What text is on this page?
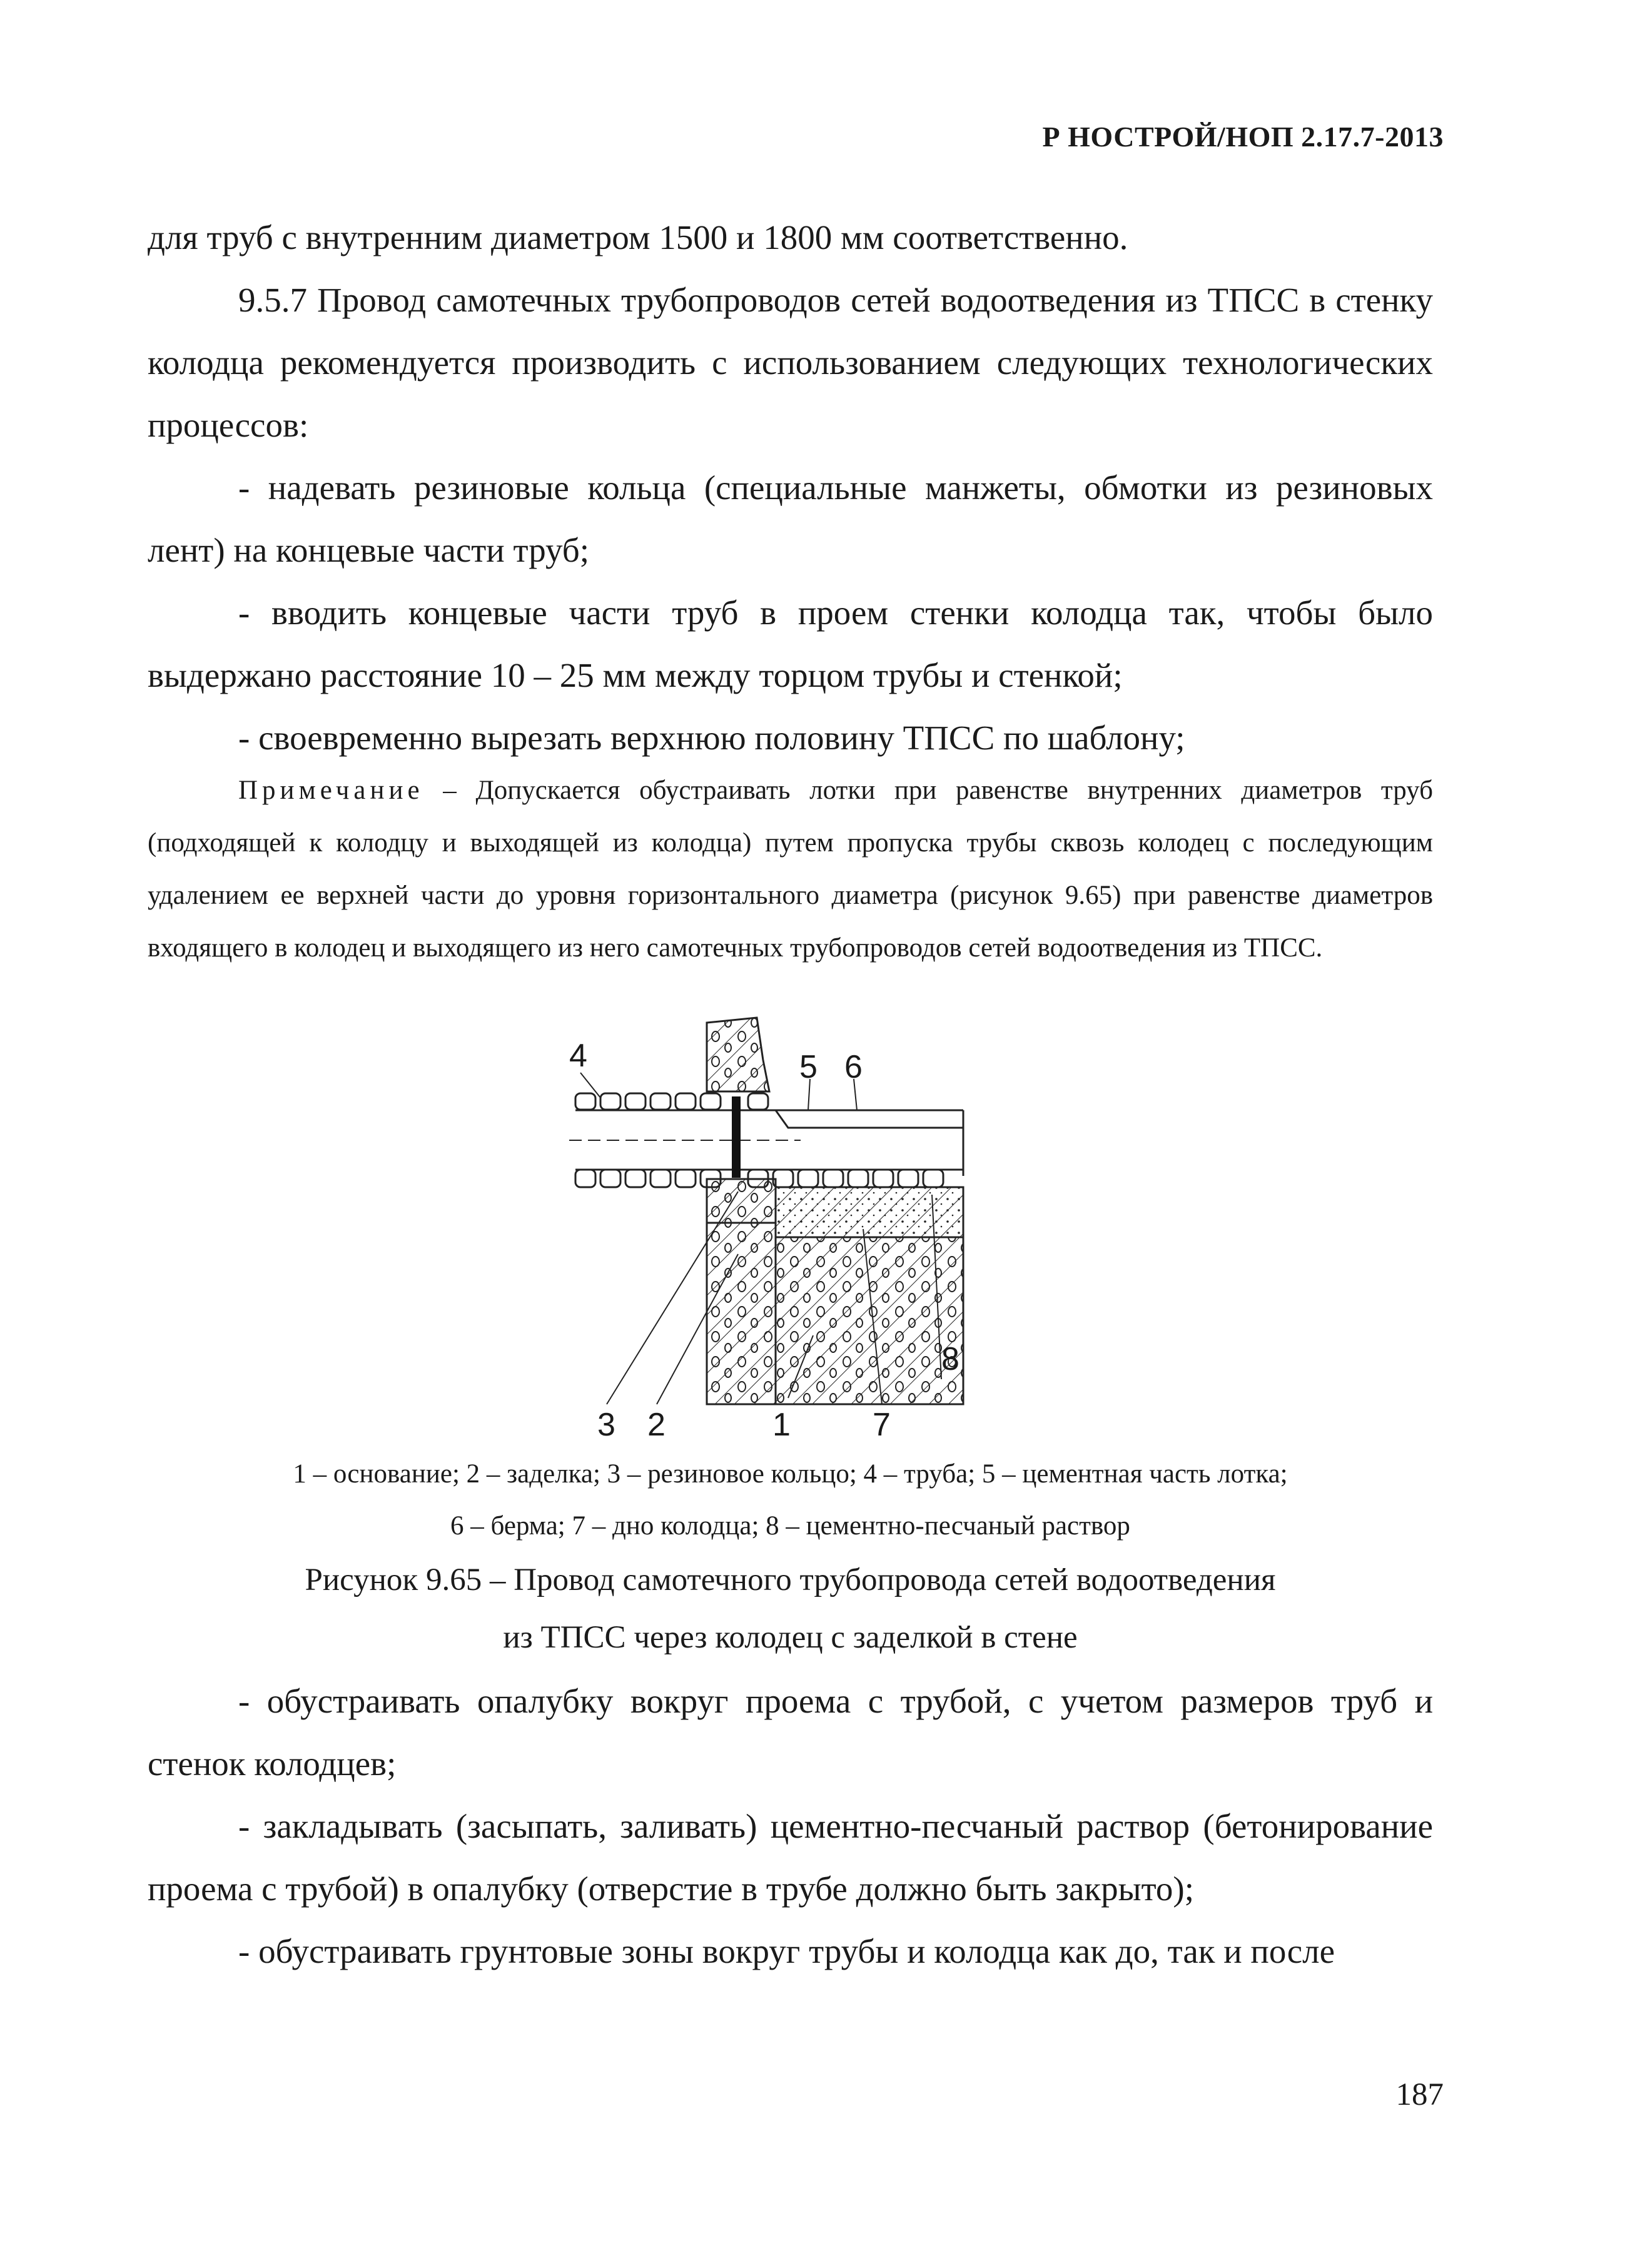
Р НОСТРОЙ/НОП 2.17.7-2013
для труб с внутренним диаметром 1500 и 1800 мм соответственно.
9.5.7 Провод самотечных трубопроводов сетей водоотведения из ТПСС в стенку колодца рекомендуется производить с использованием следующих технологических процессов:
- надевать резиновые кольца (специальные манжеты, обмотки из резиновых лент) на концевые части труб;
- вводить концевые части труб в проем стенки колодца так, чтобы было выдержано расстояние 10 – 25 мм между торцом трубы и стенкой;
- своевременно вырезать верхнюю половину ТПСС по шаблону;
Примечание – Допускается обустраивать лотки при равенстве внутренних диаметров труб (подходящей к колодцу и выходящей из колодца) путем пропуска трубы сквозь колодец с последующим удалением ее верхней части до уровня горизонтального диаметра (рисунок 9.65) при равенстве диаметров входящего в колодец и выходящего из него самотечных трубопроводов сетей водоотведения из ТПСС.
4	5 6
8
3 2	1	7
1 – основание; 2 – заделка; 3 – резиновое кольцо; 4 – труба; 5 – цементная часть лотка;
6 – берма; 7 – дно колодца; 8 – цементно-песчаный раствор
Рисунок 9.65 – Провод самотечного трубопровода сетей водоотведения
из ТПСС через колодец с заделкой в стене
- обустраивать опалубку вокруг проема с трубой, с учетом размеров труб и стенок колодцев;
- закладывать (засыпать, заливать) цементно-песчаный раствор (бетонирование проема с трубой) в опалубку (отверстие в трубе должно быть закрыто);
- обустраивать грунтовые зоны вокруг трубы и колодца как до, так и после
187
